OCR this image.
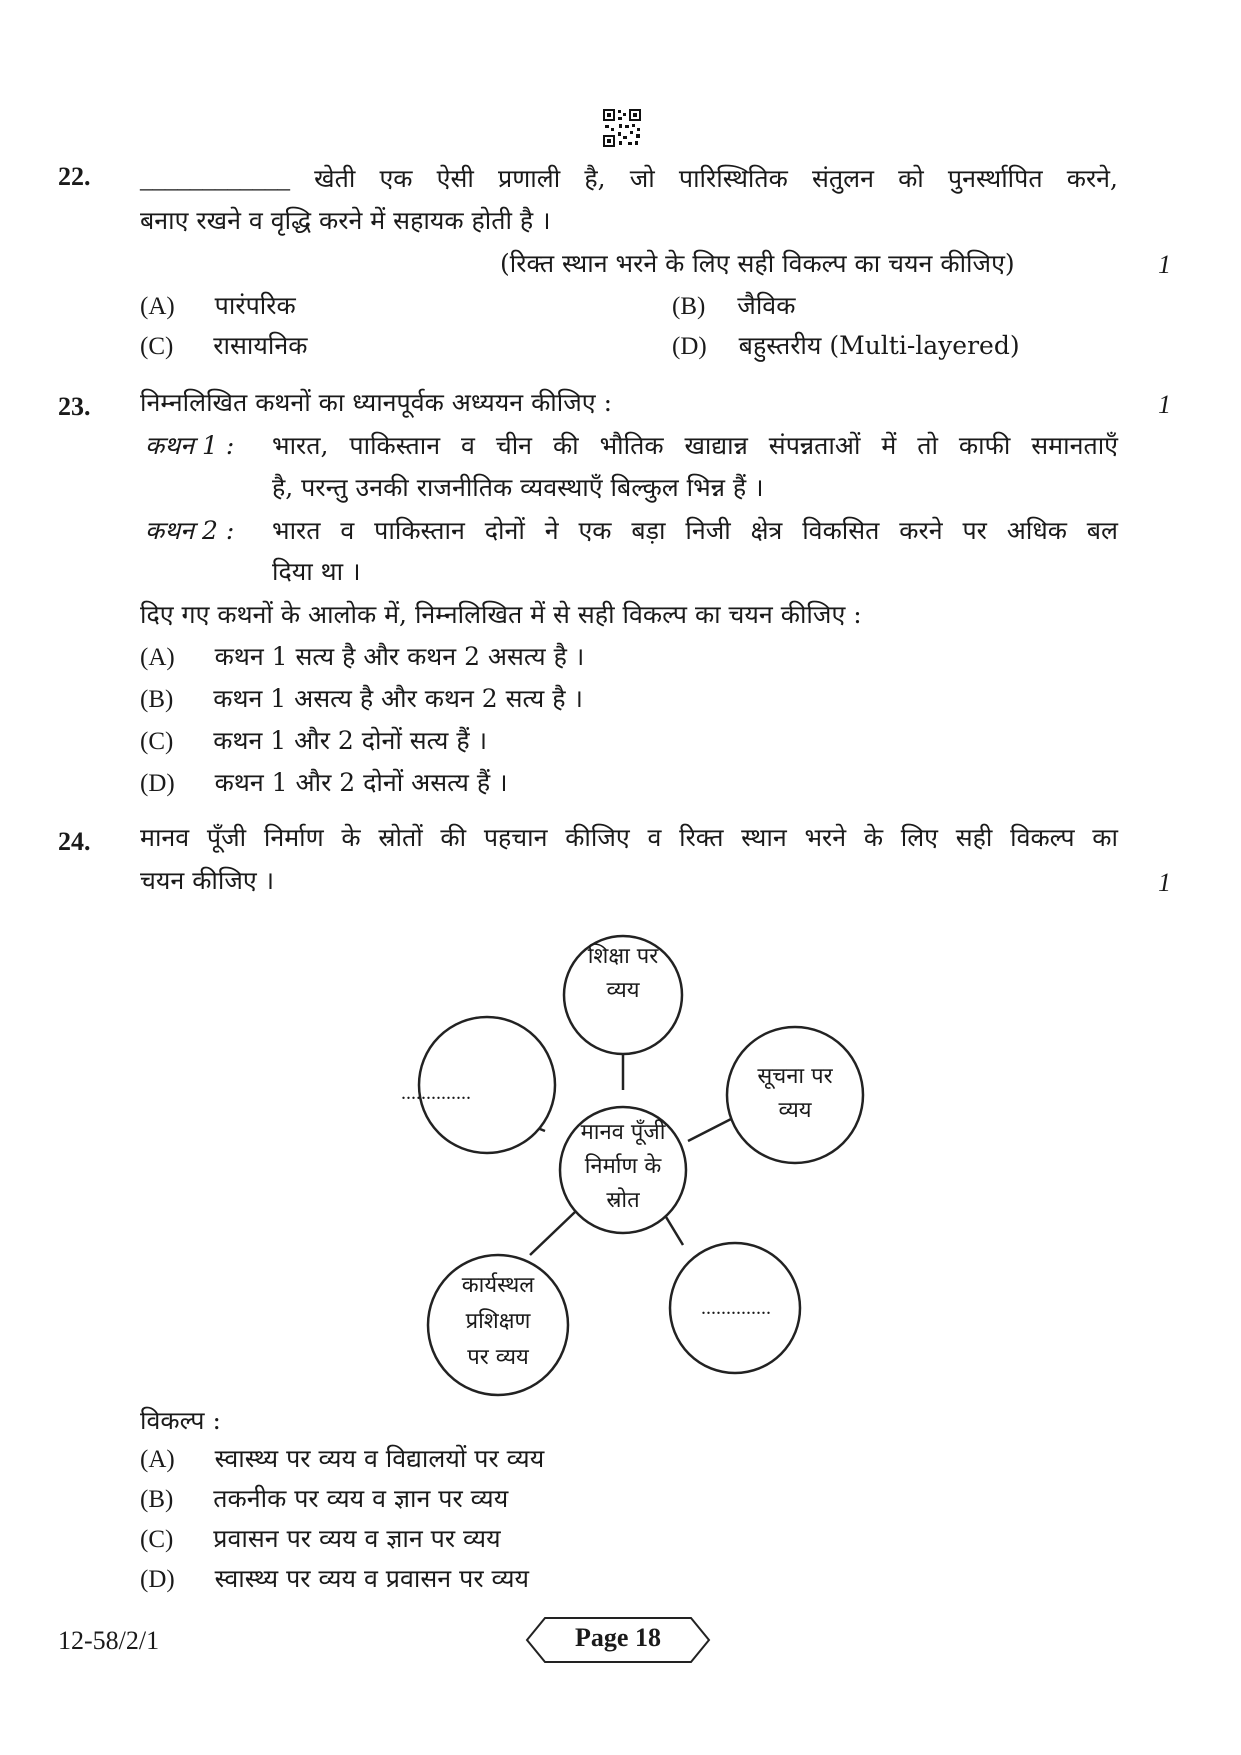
22. ____________ खेती एक ऐसी प्रणाली है, जो पारिस्थितिक संतुलन को पुनर्स्थापित करने,
बनाए रखने व वृद्धि करने में सहायक होती है ।
(रिक्त स्थान भरने के लिए सही विकल्प का चयन कीजिए)	1
(A) पारंपरिक	(B) जैविक
(C) रासायनिक	(D) बहुस्तरीय (Multi-layered)
23. निम्नलिखित कथनों का ध्यानपूर्वक अध्ययन कीजिए :	1
कथन 1 : भारत, पाकिस्तान व चीन की भौतिक खाद्यान्न संपन्नताओं में तो काफी समानताएँ
है, परन्तु उनकी राजनीतिक व्यवस्थाएँ बिल्कुल भिन्न हैं ।
कथन 2 : भारत व पाकिस्तान दोनों ने एक बड़ा निजी क्षेत्र विकसित करने पर अधिक बल
दिया था ।
दिए गए कथनों के आलोक में, निम्नलिखित में से सही विकल्प का चयन कीजिए :
(A) कथन 1 सत्य है और कथन 2 असत्य है ।
(B) कथन 1 असत्य है और कथन 2 सत्य है ।
(C) कथन 1 और 2 दोनों सत्य हैं ।
(D) कथन 1 और 2 दोनों असत्य हैं ।
24. मानव पूँजी निर्माण के स्रोतों की पहचान कीजिए व रिक्त स्थान भरने के लिए सही विकल्प का
चयन कीजिए ।	1
शिक्षा पर
व्यय
मानव पूँजी
निर्माण के
स्रोत
सूचना पर
व्यय
कार्यस्थल
प्रशिक्षण
पर व्यय
..............
..............
विकल्प :
(A) स्वास्थ्य पर व्यय व विद्यालयों पर व्यय
(B) तकनीक पर व्यय व ज्ञान पर व्यय
(C) प्रवासन पर व्यय व ज्ञान पर व्यय
(D) स्वास्थ्य पर व्यय व प्रवासन पर व्यय
12-58/2/1	Page 18
